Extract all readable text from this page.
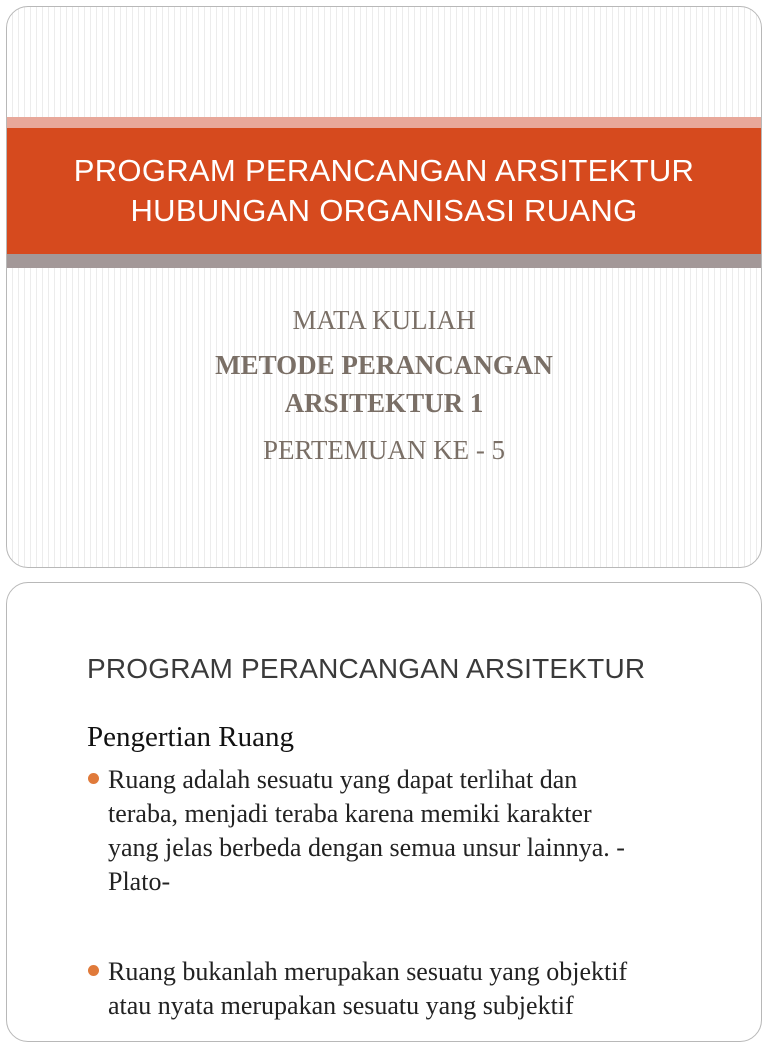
PROGRAM PERANCANGAN ARSITEKTUR
HUBUNGAN ORGANISASI RUANG
MATA KULIAH
METODE PERANCANGAN
ARSITEKTUR 1
PERTEMUAN KE - 5
PROGRAM PERANCANGAN ARSITEKTUR
Pengertian Ruang
Ruang adalah sesuatu yang dapat terlihat dan
teraba, menjadi teraba karena memiki karakter
yang jelas berbeda dengan semua unsur lainnya. -
Plato-
Ruang bukanlah merupakan sesuatu yang objektif
atau nyata merupakan sesuatu yang subjektif
